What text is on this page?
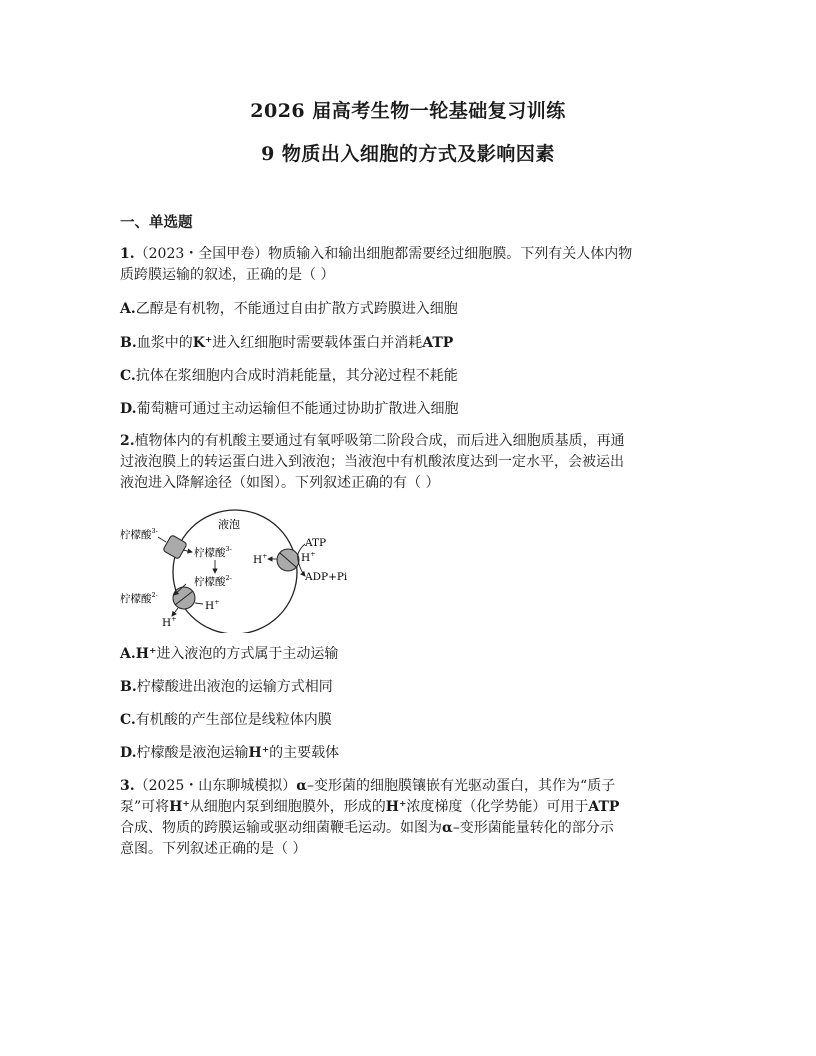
2026 届高考生物一轮基础复习训练
9 物质出入细胞的方式及影响因素
一、单选题
1.（2023・全国甲卷）物质输入和输出细胞都需要经过细胞膜。下列有关人体内物
质跨膜运输的叙述，正确的是（ ）
A.乙醇是有机物，不能通过自由扩散方式跨膜进入细胞
B.血浆中的K⁺进入红细胞时需要载体蛋白并消耗ATP
C.抗体在浆细胞内合成时消耗能量，其分泌过程不耗能
D.葡萄糖可通过主动运输但不能通过协助扩散进入细胞
2.植物体内的有机酸主要通过有氧呼吸第二阶段合成，而后进入细胞质基质，再通
过液泡膜上的转运蛋白进入到液泡；当液泡中有机酸浓度达到一定水平，会被运出
液泡进入降解途径（如图）。下列叙述正确的有（ ）
液泡
柠檬酸$^{3-}$
柠檬酸$^{3-}$
柠檬酸$^{2-}$
柠檬酸$^{2-}$
H+
H+
ATP
ADP+Pi
H+
H+
A.H⁺进入液泡的方式属于主动运输
B.柠檬酸进出液泡的运输方式相同
C.有机酸的产生部位是线粒体内膜
D.柠檬酸是液泡运输H⁺的主要载体
3.（2025・山东聊城模拟）α–变形菌的细胞膜镶嵌有光驱动蛋白，其作为“质子
泵”可将H⁺从细胞内泵到细胞膜外，形成的H⁺浓度梯度（化学势能）可用于ATP
合成、物质的跨膜运输或驱动细菌鞭毛运动。如图为α–变形菌能量转化的部分示
意图。下列叙述正确的是（ ）
